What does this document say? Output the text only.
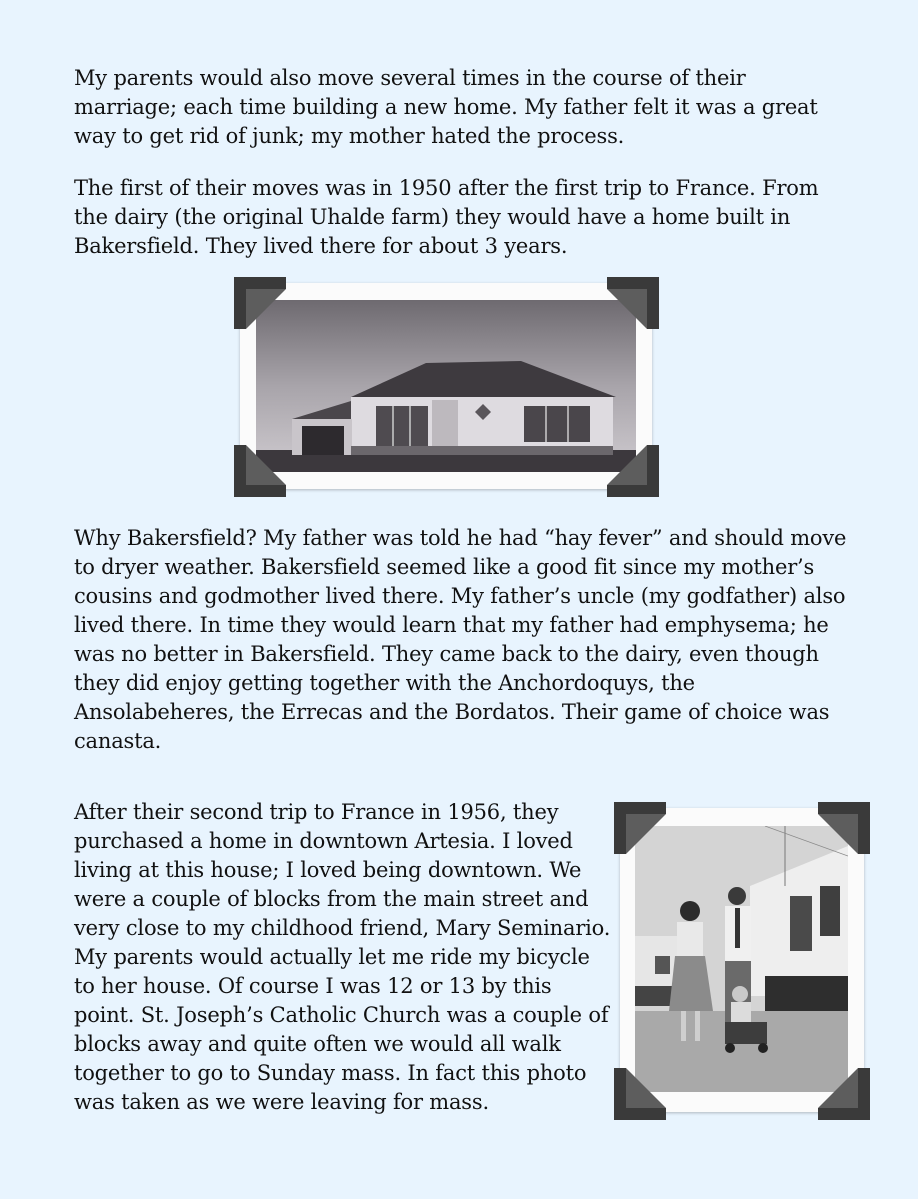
My parents would also move several times in the course of their marriage; each time building a new home. My father felt it was a great way to get rid of junk; my mother hated the process.

The first of their moves was in 1950 after the first trip to France. From the dairy (the original Uhalde farm) they would have a home built in Bakersfield. They lived there for about 3 years.

Why Bakersfield? My father was told he had “hay fever” and should move to dryer weather. Bakersfield seemed like a good fit since my mother’s cousins and godmother lived there. My father’s uncle (my godfather) also lived there. In time they would learn that my father had emphysema; he was no better in Bakersfield. They came back to the dairy, even though they did enjoy getting together with the Anchordoquys, the Ansolabeheres, the Errecas and the Bordatos. Their game of choice was canasta.

After their second trip to France in 1956, they purchased a home in downtown Artesia. I loved living at this house; I loved being downtown. We were a couple of blocks from the main street and very close to my childhood friend, Mary Seminario. My parents would actually let me ride my bicycle to her house. Of course I was 12 or 13 by this point. St. Joseph’s Catholic Church was a couple of blocks away and quite often we would all walk together to go to Sunday mass. In fact this photo was taken as we were leaving for mass.
